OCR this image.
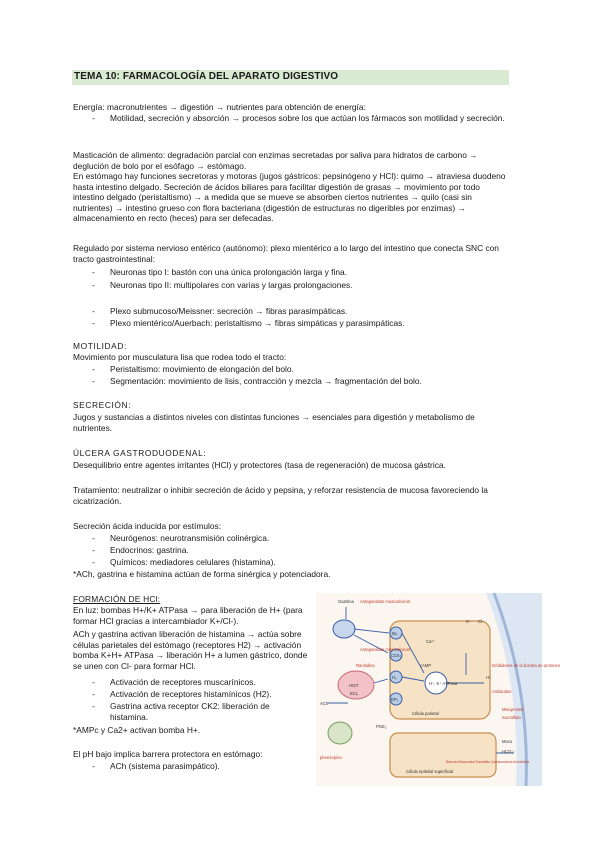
TEMA 10: FARMACOLOGÍA DEL APARATO DIGESTIVO
Energía: macronutrientes → digestión → nutrientes para obtención de energía:
- Motilidad, secreción y absorción → procesos sobre los que actúan los fármacos son motilidad y secreción.
Masticación de alimento: degradación parcial con enzimas secretadas por saliva para hidratos de carbono → deglución de bolo por el esófago → estómago.
En estómago hay funciones secretoras y motoras (jugos gástricos: pepsinógeno y HCl): quimo → atraviesa duodeno hasta intestino delgado. Secreción de ácidos biliares para facilitar digestión de grasas → movimiento por todo intestino delgado (peristaltismo) → a medida que se mueve se absorben ciertos nutrientes → quilo (casi sin nutrientes) → intestino grueso con flora bacteriana (digestión de estructuras no digeribles por enzimas) → almacenamiento en recto (heces) para ser defecadas.
Regulado por sistema nervioso entérico (autónomo): plexo mientérico a lo largo del intestino que conecta SNC con tracto gastrointestinal:
- Neuronas tipo I: bastón con una única prolongación larga y fina.
- Neuronas tipo II: multipolares con varias y largas prolongaciones.
- Plexo submucoso/Meissner: secreción → fibras parasimpáticas.
- Plexo mientérico/Auerbach: peristaltismo → fibras simpáticas y parasimpáticas.
MOTILIDAD:
Movimiento por musculatura lisa que rodea todo el tracto:
- Peristaltismo: movimiento de elongación del bolo.
- Segmentación: movimiento de lisis, contracción y mezcla → fragmentación del bolo.
SECRECIÓN:
Jugos y sustancias a distintos niveles con distintas funciones → esenciales para digestión y metabolismo de nutrientes.
ÚLCERA GASTRODUODENAL:
Desequilibrio entre agentes irritantes (HCl) y protectores (tasa de regeneración) de mucosa gástrica.
Tratamiento: neutralizar o inhibir secreción de ácido y pepsina, y reforzar resistencia de mucosa favoreciendo la cicatrización.
Secreción ácida inducida por estímulos:
- Neurógenos: neurotransmisión colinérgica.
- Endocrinos: gastrina.
- Químicos: mediadores celulares (histamina).
*ACh, gastrina e histamina actúan de forma sinérgica y potenciadora.
FORMACIÓN DE HCl:
En luz: bombas H+/K+ ATPasa → para liberación de H+ (para formar HCl gracias a intercambiador K+/Cl-).
ACh y gastrina activan liberación de histamina → actúa sobre células parietales del estómago (receptores H2) → activación bomba K+H+ ATPasa → liberación H+ a lumen gástrico, donde se unen con Cl- para formar HCl.
- Activación de receptores muscarínicos.
- Activación de receptores histamínicos (H2).
- Gastrina activa receptor CK2: liberación de histamina.
*AMPc y Ca2+ activan bomba H+.
El pH bajo implica barrera protectora en estómago:
- ACh (sistema parasimpático).
Gastrina Antagonistas muscarínicos
Antagonistas muscarínicos
M₃
CCK₂
H₂
EP₂
HIST
ACh
ECL
Célula parietal
Célula epitelial superficial
Ca²⁺
cAMP
H⁺, K⁺ ATPasa
K⁺ Cl⁻
H⁺
Inhibidores de la bomba de protones
Antiácidos
Misoprostol
Sucralfato
Moco
HCO₃⁻
PGE₂
pirenzepina
Ranitidina
Bismuto Misoprostol Sucralfato Carbenoxolona Amoxicilina
